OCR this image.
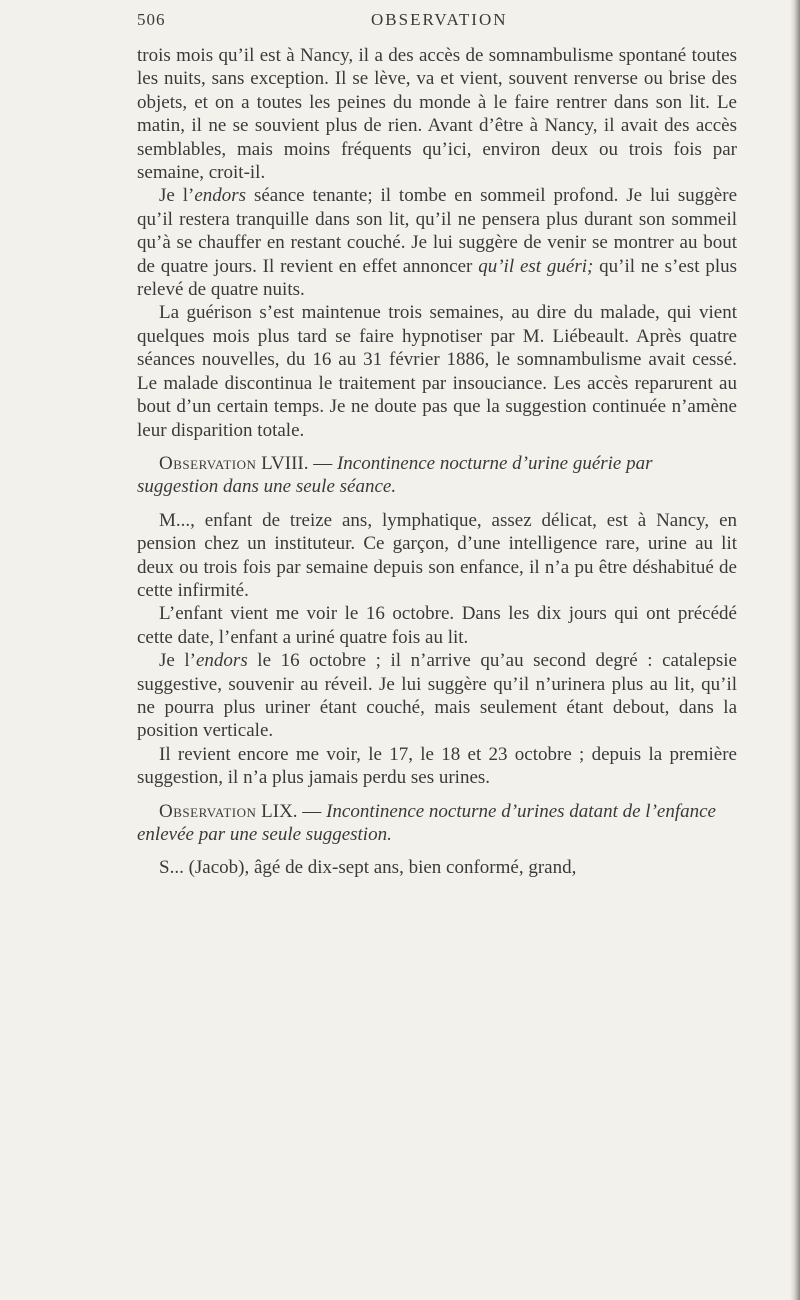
506	OBSERVATION

trois mois qu’il est à Nancy, il a des accès de somnambulisme spontané toutes les nuits, sans exception. Il se lève, va et vient, souvent renverse ou brise des objets, et on a toutes les peines du monde à le faire rentrer dans son lit. Le matin, il ne se souvient plus de rien. Avant d’être à Nancy, il avait des accès semblables, mais moins fréquents qu’ici, environ deux ou trois fois par semaine, croit-il.

Je l’endors séance tenante; il tombe en sommeil profond. Je lui suggère qu’il restera tranquille dans son lit, qu’il ne pensera plus durant son sommeil qu’à se chauffer en restant couché. Je lui suggère de venir se montrer au bout de quatre jours. Il revient en effet annoncer qu’il est guéri; qu’il ne s’est plus relevé de quatre nuits.

La guérison s’est maintenue trois semaines, au dire du malade, qui vient quelques mois plus tard se faire hypnotiser par M. Liébeault. Après quatre séances nouvelles, du 16 au 31 février 1886, le somnambulisme avait cessé. Le malade discontinua le traitement par insouciance. Les accès reparurent au bout d’un certain temps. Je ne doute pas que la suggestion continuée n’amène leur disparition totale.

Observation LVIII. — Incontinence nocturne d’urine guérie par suggestion dans une seule séance.

M..., enfant de treize ans, lymphatique, assez délicat, est à Nancy, en pension chez un instituteur. Ce garçon, d’une intelligence rare, urine au lit deux ou trois fois par semaine depuis son enfance, il n’a pu être déshabitué de cette infirmité.

L’enfant vient me voir le 16 octobre. Dans les dix jours qui ont précédé cette date, l’enfant a uriné quatre fois au lit.

Je l’endors le 16 octobre ; il n’arrive qu’au second degré : catalepsie suggestive, souvenir au réveil. Je lui suggère qu’il n’urinera plus au lit, qu’il ne pourra plus uriner étant couché, mais seulement étant debout, dans la position verticale.

Il revient encore me voir, le 17, le 18 et 23 octobre ; depuis la première suggestion, il n’a plus jamais perdu ses urines.

Observation LIX. — Incontinence nocturne d’urines datant de l’enfance enlevée par une seule suggestion.

S... (Jacob), âgé de dix-sept ans, bien conformé, grand,
